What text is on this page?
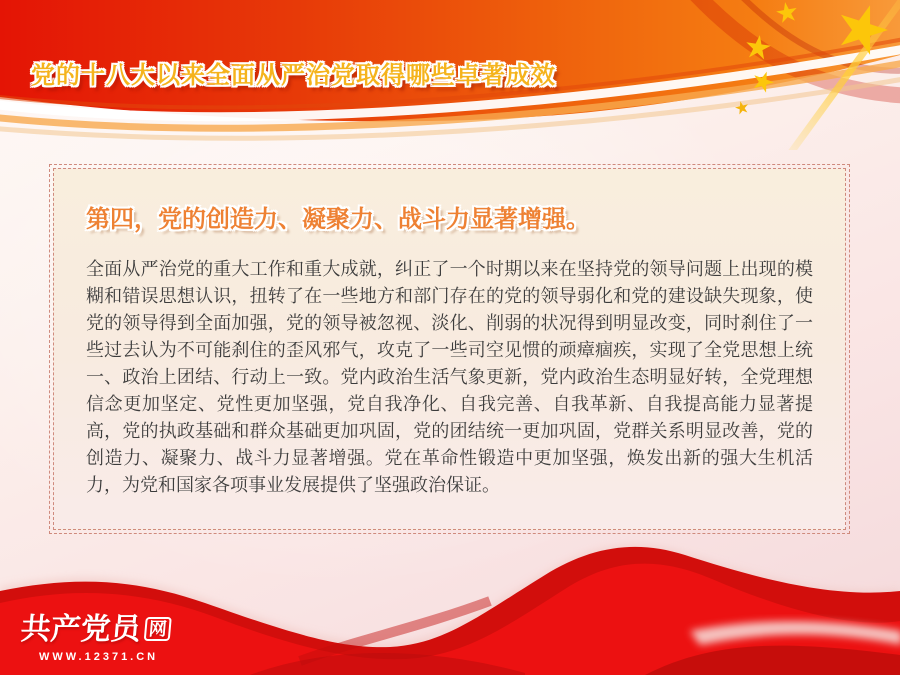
党的十八大以来全面从严治党取得哪些卓著成效
第四，党的创造力、凝聚力、战斗力显著增强。

全面从严治党的重大工作和重大成就，纠正了一个时期以来在坚持党的领导问题上出现的模糊和错误思想认识，扭转了在一些地方和部门存在的党的领导弱化和党的建设缺失现象，使党的领导得到全面加强，党的领导被忽视、淡化、削弱的状况得到明显改变，同时刹住了一些过去认为不可能刹住的歪风邪气，攻克了一些司空见惯的顽瘴痼疾，实现了全党思想上统一、政治上团结、行动上一致。党内政治生活气象更新，党内政治生态明显好转，全党理想信念更加坚定、党性更加坚强，党自我净化、自我完善、自我革新、自我提高能力显著提高，党的执政基础和群众基础更加巩固，党的团结统一更加巩固，党群关系明显改善，党的创造力、凝聚力、战斗力显著增强。党在革命性锻造中更加坚强，焕发出新的强大生机活力，为党和国家各项事业发展提供了坚强政治保证。

共产党员 网
WWW.12371.CN
